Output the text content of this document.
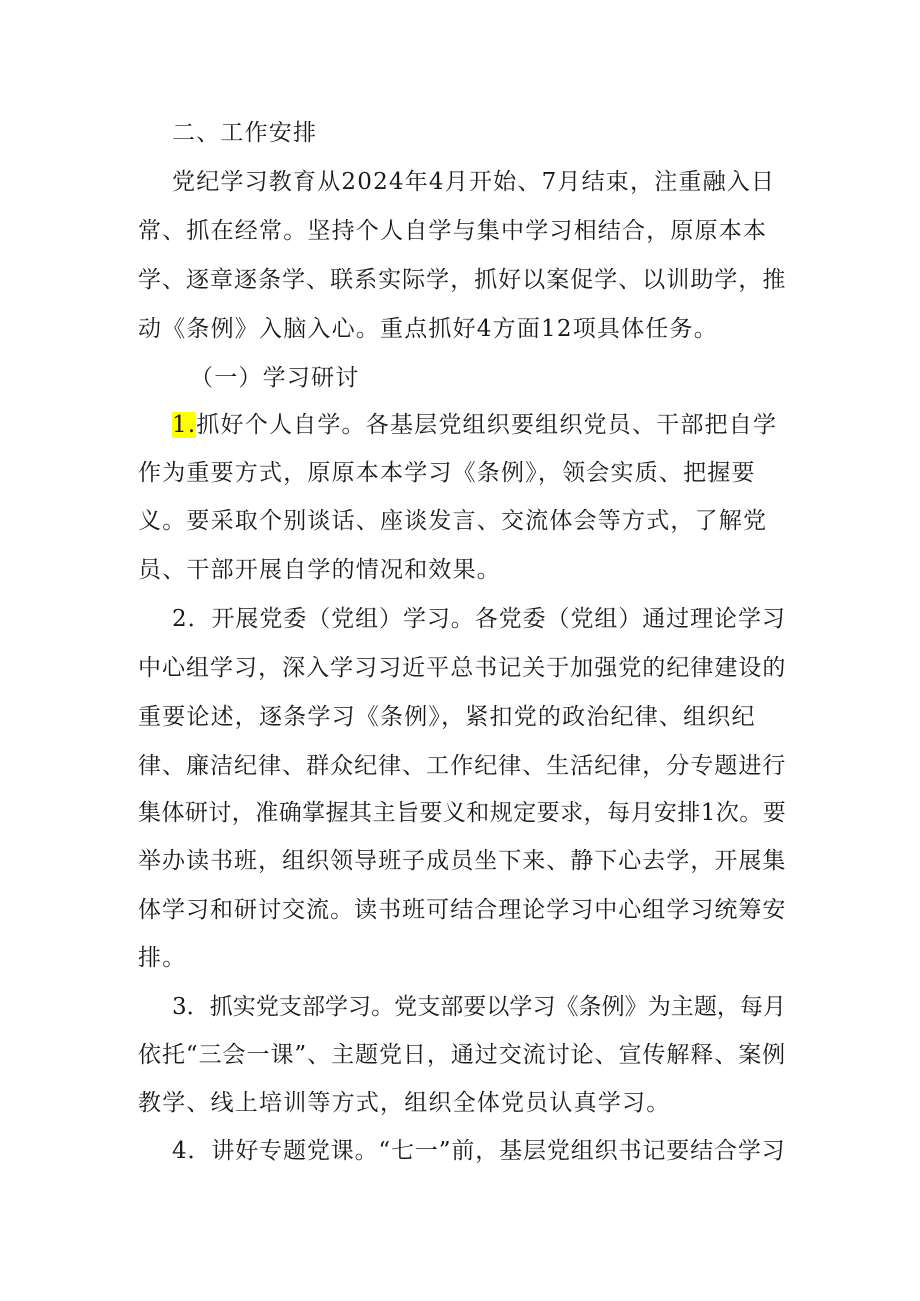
二、工作安排
党纪学习教育从2024年4月开始、7月结束，注重融入日
常、抓在经常。坚持个人自学与集中学习相结合，原原本本
学、逐章逐条学、联系实际学，抓好以案促学、以训助学，推
动《条例》入脑入心。重点抓好4方面12项具体任务。
（一）学习研讨
1.抓好个人自学。各基层党组织要组织党员、干部把自学
作为重要方式，原原本本学习《条例》，领会实质、把握要
义。要采取个别谈话、座谈发言、交流体会等方式，了解党
员、干部开展自学的情况和效果。
2．开展党委（党组）学习。各党委（党组）通过理论学习
中心组学习，深入学习习近平总书记关于加强党的纪律建设的
重要论述，逐条学习《条例》，紧扣党的政治纪律、组织纪
律、廉洁纪律、群众纪律、工作纪律、生活纪律，分专题进行
集体研讨，准确掌握其主旨要义和规定要求，每月安排1次。要
举办读书班，组织领导班子成员坐下来、静下心去学，开展集
体学习和研讨交流。读书班可结合理论学习中心组学习统筹安
排。
3．抓实党支部学习。党支部要以学习《条例》为主题，每月
依托“三会一课”、主题党日，通过交流讨论、宣传解释、案例
教学、线上培训等方式，组织全体党员认真学习。
4．讲好专题党课。“七一”前，基层党组织书记要结合学习
